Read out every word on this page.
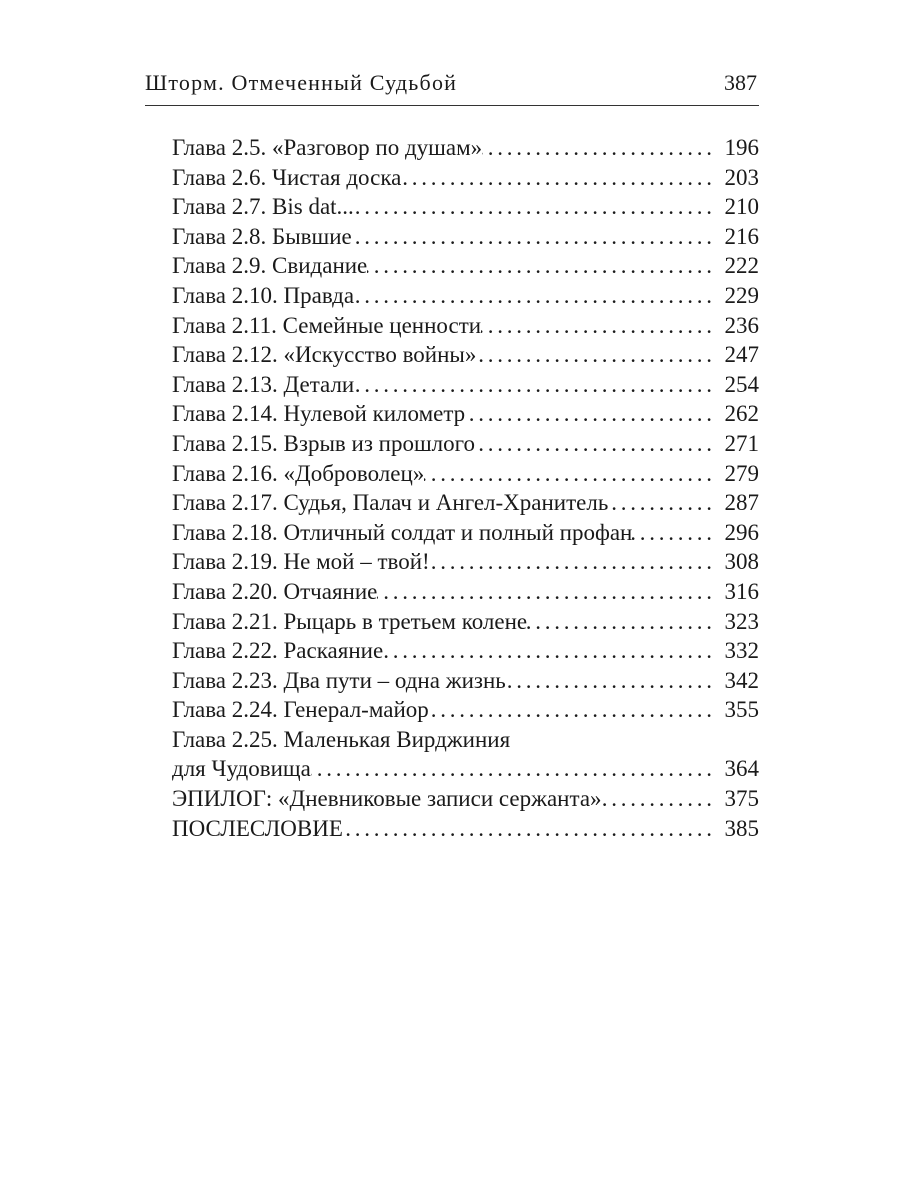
Шторм. Отмеченный Судьбой	387
Глава 2.5. «Разговор по душам» . . .	196
Глава 2.6. Чистая доска . . .	203
Глава 2.7. Bis dat... . . .	210
Глава 2.8. Бывшие . . .	216
Глава 2.9. Свидание . . .	222
Глава 2.10. Правда . . .	229
Глава 2.11. Семейные ценности . . .	236
Глава 2.12. «Искусство войны» . . .	247
Глава 2.13. Детали . . .	254
Глава 2.14. Нулевой километр . . .	262
Глава 2.15. Взрыв из прошлого . . .	271
Глава 2.16. «Доброволец» . . .	279
Глава 2.17. Судья, Палач и Ангел-Хранитель . . .	287
Глава 2.18. Отличный солдат и полный профан . . .	296
Глава 2.19. Не мой – твой! . . .	308
Глава 2.20. Отчаяние . . .	316
Глава 2.21. Рыцарь в третьем колене . . .	323
Глава 2.22. Раскаяние . . .	332
Глава 2.23. Два пути – одна жизнь . . .	342
Глава 2.24. Генерал-майор . . .	355
Глава 2.25. Маленькая Вирджиния
для Чудовища . . .	364
ЭПИЛОГ: «Дневниковые записи сержанта» . . .	375
ПОСЛЕСЛОВИЕ . . .	385
